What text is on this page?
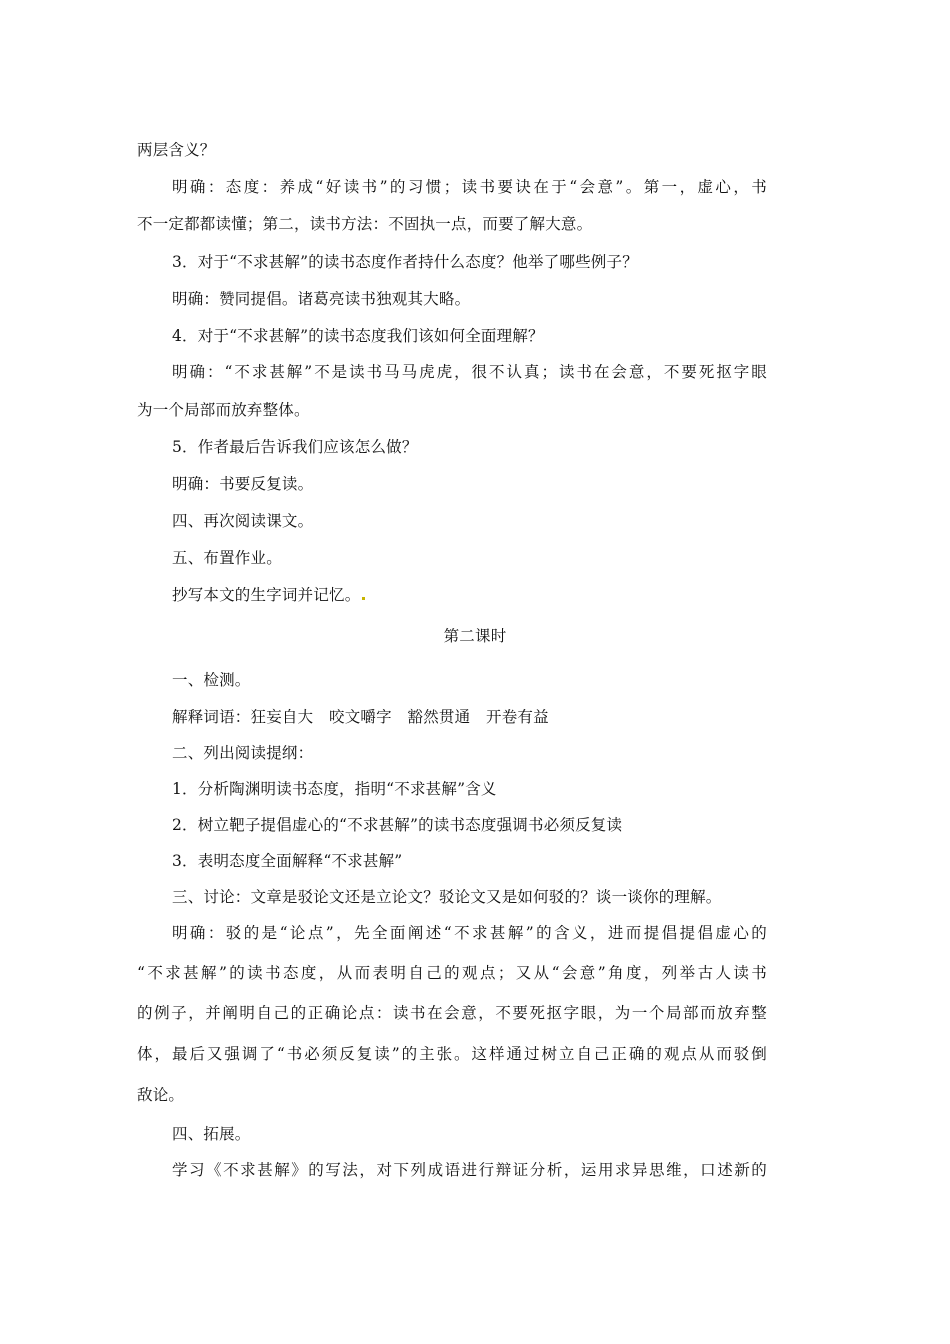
两层含义？
明确：态度：养成“好读书”的习惯；读书要诀在于“会意”。第一，虚心，书
不一定都都读懂；第二，读书方法：不固执一点，而要了解大意。
3．对于“不求甚解”的读书态度作者持什么态度？他举了哪些例子？
明确：赞同提倡。诸葛亮读书独观其大略。
4．对于“不求甚解”的读书态度我们该如何全面理解？
明确：“不求甚解”不是读书马马虎虎，很不认真；读书在会意，不要死抠字眼
为一个局部而放弃整体。
5．作者最后告诉我们应该怎么做？
明确：书要反复读。
四、再次阅读课文。
五、布置作业。
抄写本文的生字词并记忆。
第二课时
一、检测。
解释词语：狂妄自大　咬文嚼字　豁然贯通　开卷有益
二、列出阅读提纲：
1．分析陶渊明读书态度，指明“不求甚解”含义
2．树立靶子提倡虚心的“不求甚解”的读书态度强调书必须反复读
3．表明态度全面解释“不求甚解”
三、讨论：文章是驳论文还是立论文？驳论文又是如何驳的？谈一谈你的理解。
明确：驳的是“论点”，先全面阐述“不求甚解”的含义，进而提倡提倡虚心的
“不求甚解”的读书态度，从而表明自己的观点；又从“会意”角度，列举古人读书
的例子，并阐明自己的正确论点：读书在会意，不要死抠字眼，为一个局部而放弃整
体，最后又强调了“书必须反复读”的主张。这样通过树立自己正确的观点从而驳倒
敌论。
四、拓展。
学习《不求甚解》的写法，对下列成语进行辩证分析，运用求异思维，口述新的
